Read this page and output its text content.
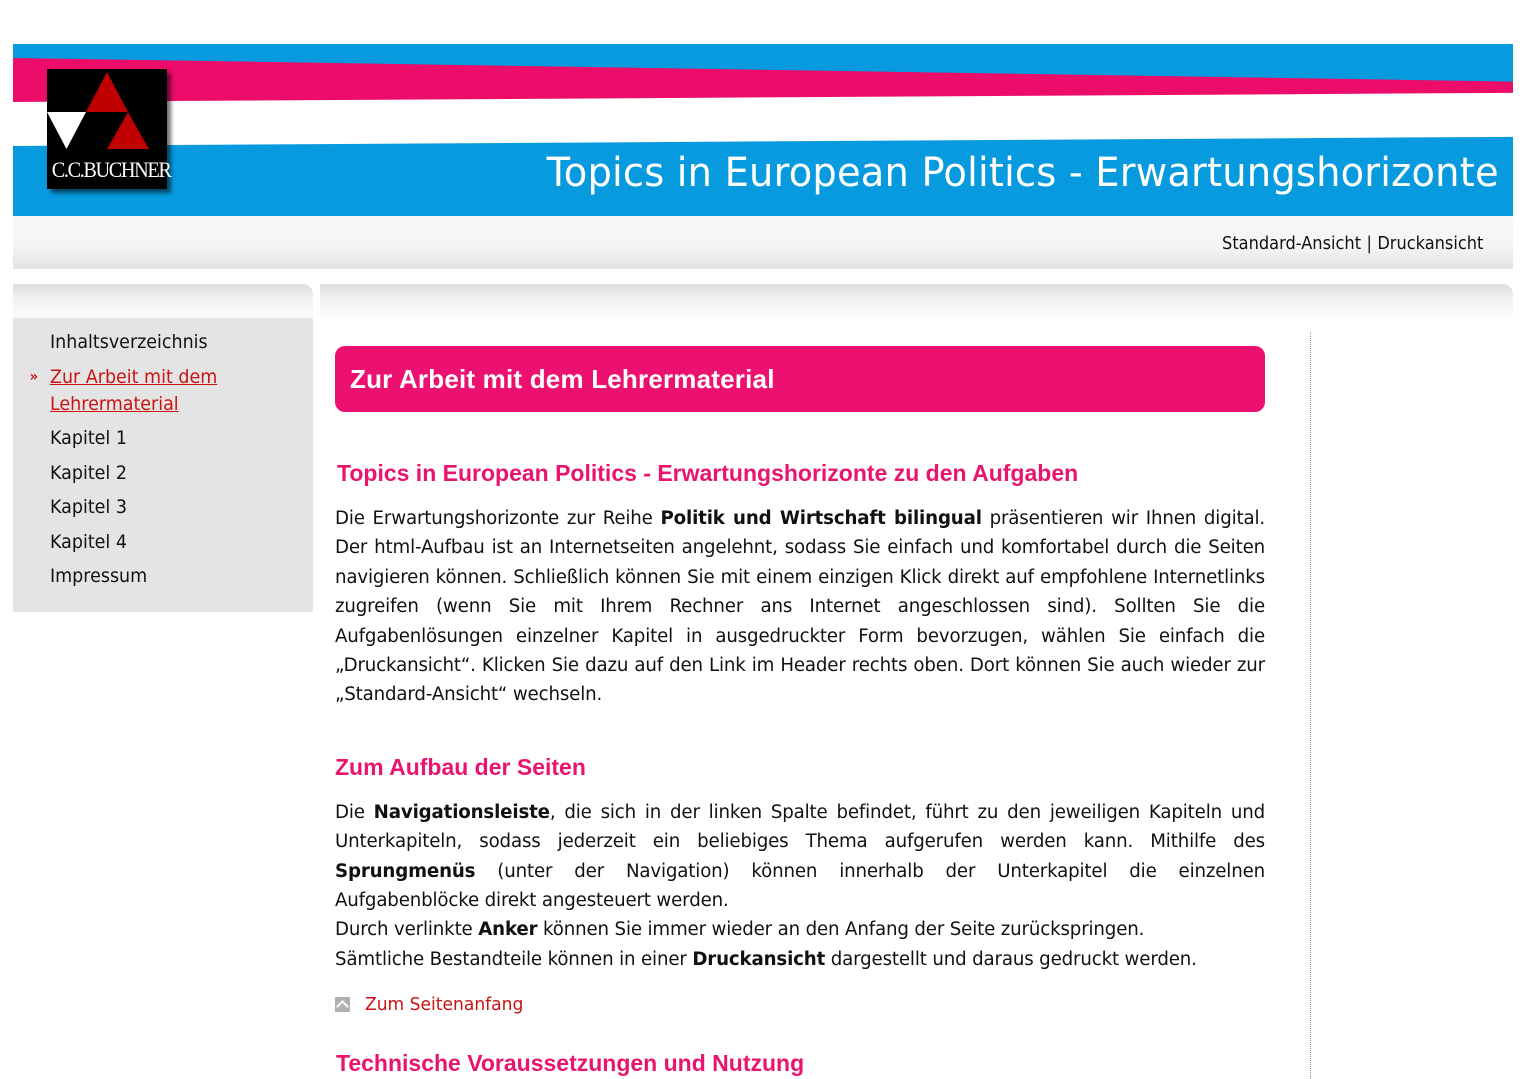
C.C.BUCHNER	Topics in European Politics - Erwartungshorizonte
Standard-Ansicht | Druckansicht
Inhaltsverzeichnis
» Zur Arbeit mit dem Lehrermaterial
Kapitel 1
Kapitel 2
Kapitel 3
Kapitel 4
Impressum
Zur Arbeit mit dem Lehrermaterial
Topics in European Politics - Erwartungshorizonte zu den Aufgaben

Die Erwartungshorizonte zur Reihe Politik und Wirtschaft bilingual präsentieren wir Ihnen digital. Der html-Aufbau ist an Internetseiten angelehnt, sodass Sie einfach und komfortabel durch die Seiten navigieren können. Schließlich können Sie mit einem einzigen Klick direkt auf empfohlene Internetlinks zugreifen (wenn Sie mit Ihrem Rechner ans Internet angeschlossen sind). Sollten Sie die Aufgabenlösungen einzelner Kapitel in ausgedruckter Form bevorzugen, wählen Sie einfach die „Druckansicht“. Klicken Sie dazu auf den Link im Header rechts oben. Dort können Sie auch wieder zur „Standard-Ansicht“ wechseln.

Zum Aufbau der Seiten

Die Navigationsleiste, die sich in der linken Spalte befindet, führt zu den jeweiligen Kapiteln und Unterkapiteln, sodass jederzeit ein beliebiges Thema aufgerufen werden kann. Mithilfe des Sprungmenüs (unter der Navigation) können innerhalb der Unterkapitel die einzelnen Aufgabenblöcke direkt angesteuert werden.
Durch verlinkte Anker können Sie immer wieder an den Anfang der Seite zurückspringen.
Sämtliche Bestandteile können in einer Druckansicht dargestellt und daraus gedruckt werden.

Zum Seitenanfang
Technische Voraussetzungen und Nutzung
